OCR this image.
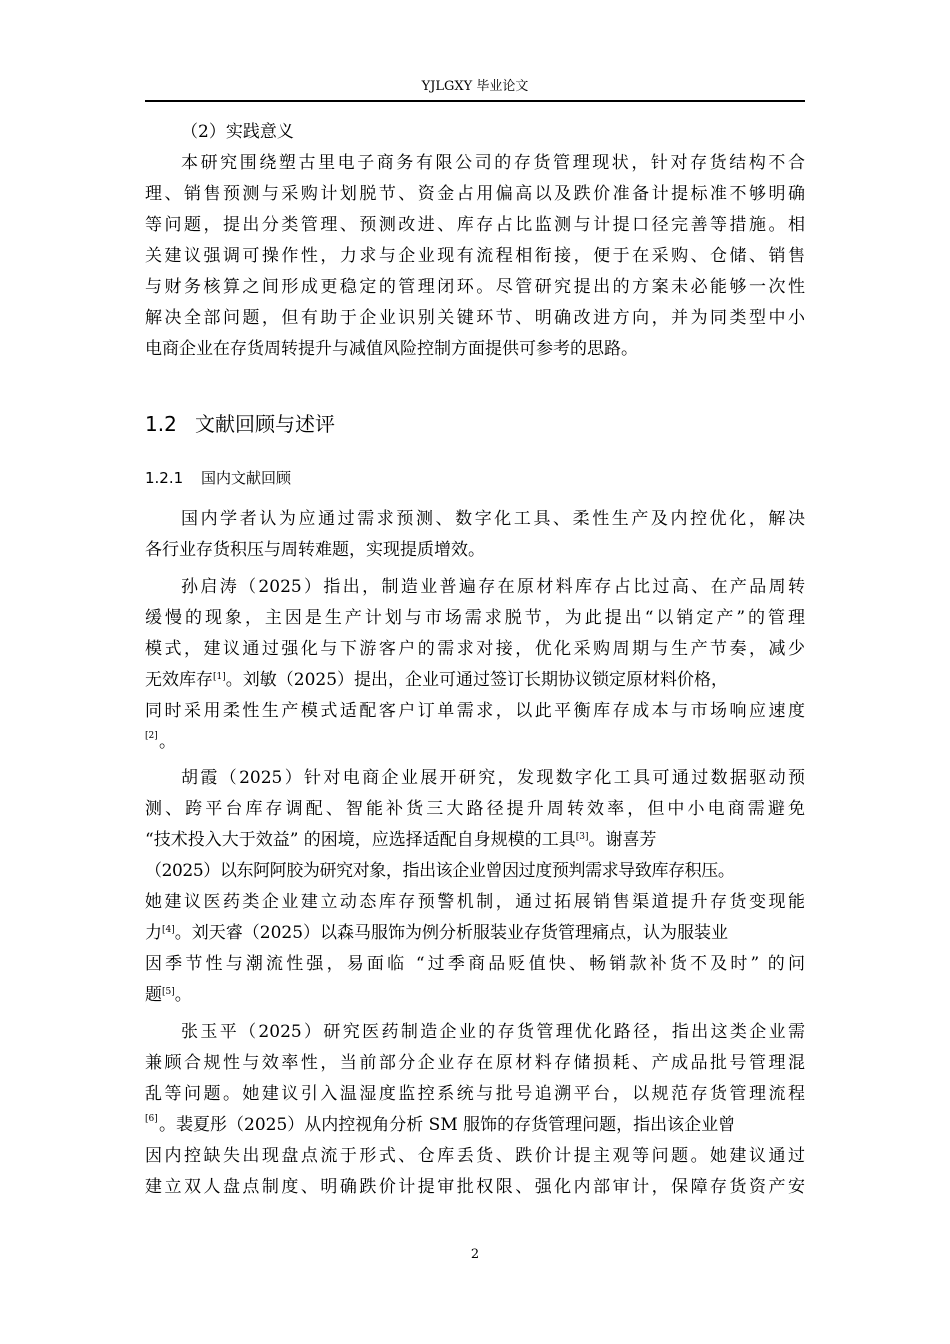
YJLGXY 毕业论文
（2）实践意义
本研究围绕塑古里电子商务有限公司的存货管理现状，针对存货结构不合
理、销售预测与采购计划脱节、资金占用偏高以及跌价准备计提标准不够明确
等问题，提出分类管理、预测改进、库存占比监测与计提口径完善等措施。相
关建议强调可操作性，力求与企业现有流程相衔接，便于在采购、仓储、销售
与财务核算之间形成更稳定的管理闭环。尽管研究提出的方案未必能够一次性
解决全部问题，但有助于企业识别关键环节、明确改进方向，并为同类型中小
电商企业在存货周转提升与减值风险控制方面提供可参考的思路。
1.2 文献回顾与述评
1.2.1 国内文献回顾
国内学者认为应通过需求预测、数字化工具、柔性生产及内控优化，解决
各行业存货积压与周转难题，实现提质增效。
孙启涛（2025）指出，制造业普遍存在原材料库存占比过高、在产品周转
缓慢的现象，主因是生产计划与市场需求脱节，为此提出“以销定产”的管理
模式，建议通过强化与下游客户的需求对接，优化采购周期与生产节奏，减少
无效库存[1]。刘敏（2025）提出，企业可通过签订长期协议锁定原材料价格，
同时采用柔性生产模式适配客户订单需求，以此平衡库存成本与市场响应速度
[2] 。
胡霞（2025）针对电商企业展开研究，发现数字化工具可通过数据驱动预
测、跨平台库存调配、智能补货三大路径提升周转效率，但中小电商需避免
“技术投入大于效益” 的困境，应选择适配自身规模的工具[3]。谢喜芳
（2025）以东阿阿胶为研究对象，指出该企业曾因过度预判需求导致库存积压。
她建议医药类企业建立动态库存预警机制，通过拓展销售渠道提升存货变现能
力[4]。刘天睿（2025）以森马服饰为例分析服装业存货管理痛点，认为服装业
因季节性与潮流性强，易面临 “过季商品贬值快、畅销款补货不及时” 的问
题[5]。
张玉平（2025）研究医药制造企业的存货管理优化路径，指出这类企业需
兼顾合规性与效率性，当前部分企业存在原材料存储损耗、产成品批号管理混
乱等问题。她建议引入温湿度监控系统与批号追溯平台，以规范存货管理流程
[6] 。裴夏彤（2025）从内控视角分析 SM 服饰的存货管理问题，指出该企业曾
因内控缺失出现盘点流于形式、仓库丢货、跌价计提主观等问题。她建议通过
建立双人盘点制度、明确跌价计提审批权限、强化内部审计，保障存货资产安
2
